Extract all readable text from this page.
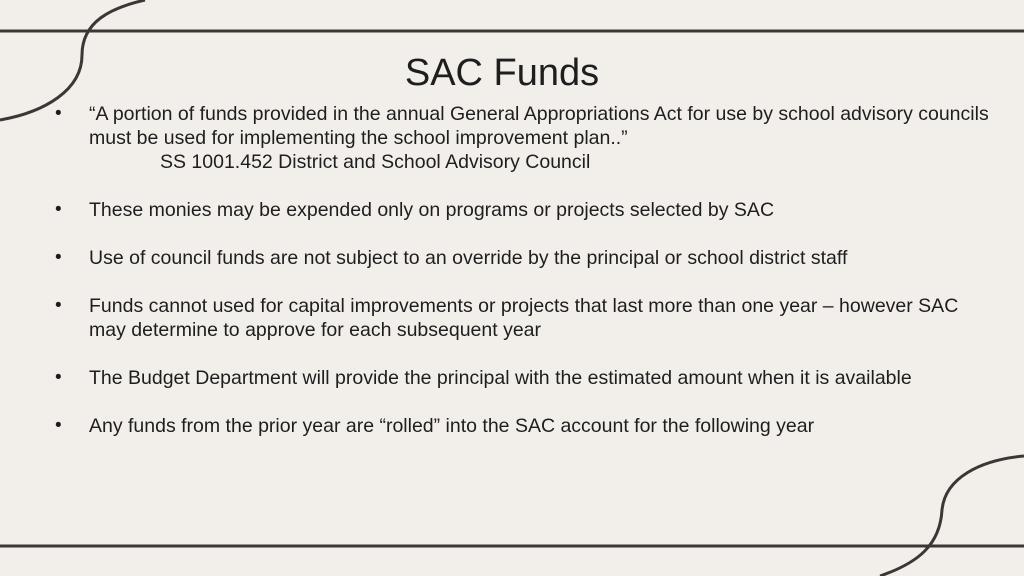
SAC Funds
• “A portion of funds provided in the annual General Appropriations Act for use by school advisory councils must be used for implementing the school improvement plan..”
SS 1001.452 District and School Advisory Council
• These monies may be expended only on programs or projects selected by SAC
• Use of council funds are not subject to an override by the principal or school district staff
• Funds cannot used for capital improvements or projects that last more than one year – however SAC may determine to approve for each subsequent year
• The Budget Department will provide the principal with the estimated amount when it is available
• Any funds from the prior year are “rolled” into the SAC account for the following year
